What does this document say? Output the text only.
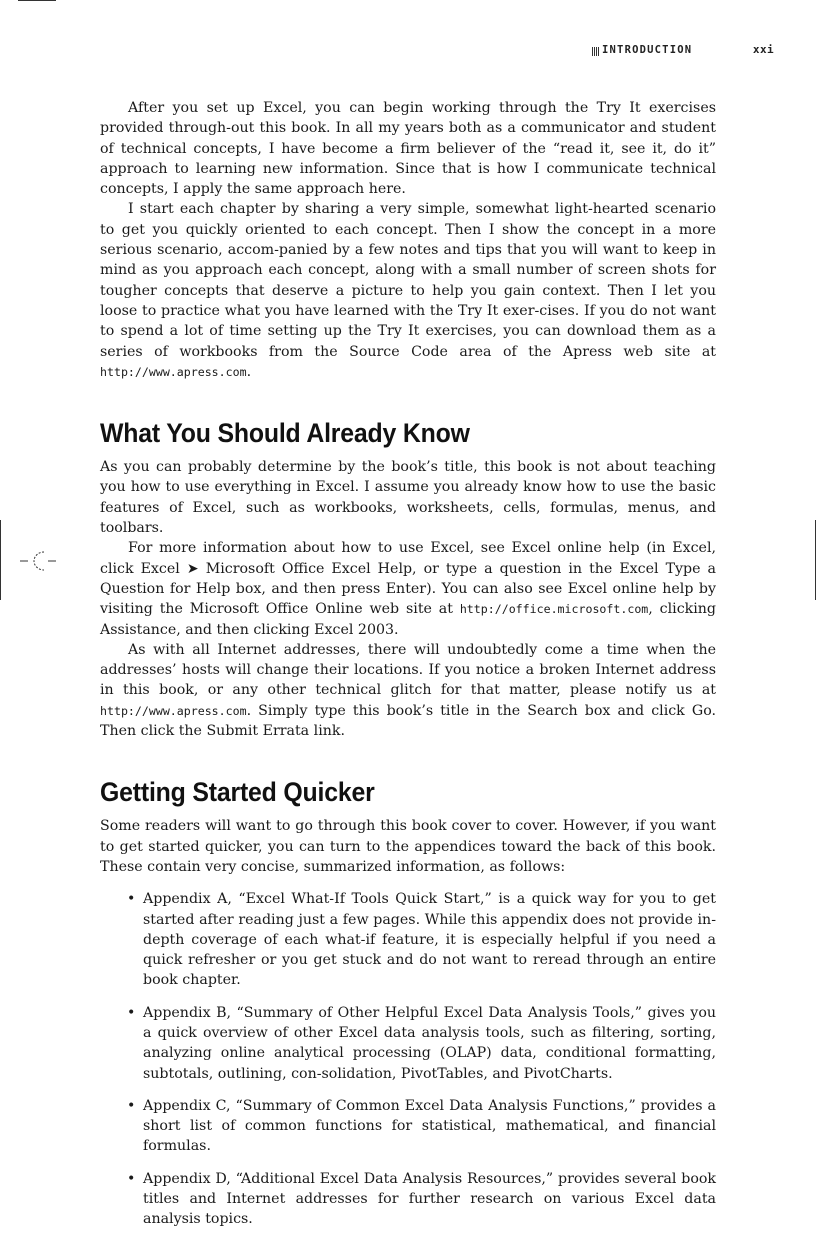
INTRODUCTION	xxi

After you set up Excel, you can begin working through the Try It exercises provided through-out this book. In all my years both as a communicator and student of technical concepts, I have become a firm believer of the “read it, see it, do it” approach to learning new information. Since that is how I communicate technical concepts, I apply the same approach here.

I start each chapter by sharing a very simple, somewhat light-hearted scenario to get you quickly oriented to each concept. Then I show the concept in a more serious scenario, accom-panied by a few notes and tips that you will want to keep in mind as you approach each concept, along with a small number of screen shots for tougher concepts that deserve a picture to help you gain context. Then I let you loose to practice what you have learned with the Try It exer-cises. If you do not want to spend a lot of time setting up the Try It exercises, you can download them as a series of workbooks from the Source Code area of the Apress web site at http://www.apress.com.

What You Should Already Know

As you can probably determine by the book’s title, this book is not about teaching you how to use everything in Excel. I assume you already know how to use the basic features of Excel, such as workbooks, worksheets, cells, formulas, menus, and toolbars.

For more information about how to use Excel, see Excel online help (in Excel, click Excel ➤ Microsoft Office Excel Help, or type a question in the Excel Type a Question for Help box, and then press Enter). You can also see Excel online help by visiting the Microsoft Office Online web site at http://office.microsoft.com, clicking Assistance, and then clicking Excel 2003.

As with all Internet addresses, there will undoubtedly come a time when the addresses’ hosts will change their locations. If you notice a broken Internet address in this book, or any other technical glitch for that matter, please notify us at http://www.apress.com. Simply type this book’s title in the Search box and click Go. Then click the Submit Errata link.

Getting Started Quicker

Some readers will want to go through this book cover to cover. However, if you want to get started quicker, you can turn to the appendices toward the back of this book. These contain very concise, summarized information, as follows:

• Appendix A, “Excel What-If Tools Quick Start,” is a quick way for you to get started after reading just a few pages. While this appendix does not provide in-depth coverage of each what-if feature, it is especially helpful if you need a quick refresher or you get stuck and do not want to reread through an entire book chapter.
• Appendix B, “Summary of Other Helpful Excel Data Analysis Tools,” gives you a quick overview of other Excel data analysis tools, such as filtering, sorting, analyzing online analytical processing (OLAP) data, conditional formatting, subtotals, outlining, con-solidation, PivotTables, and PivotCharts.
• Appendix C, “Summary of Common Excel Data Analysis Functions,” provides a short list of common functions for statistical, mathematical, and financial formulas.
• Appendix D, “Additional Excel Data Analysis Resources,” provides several book titles and Internet addresses for further research on various Excel data analysis topics.
